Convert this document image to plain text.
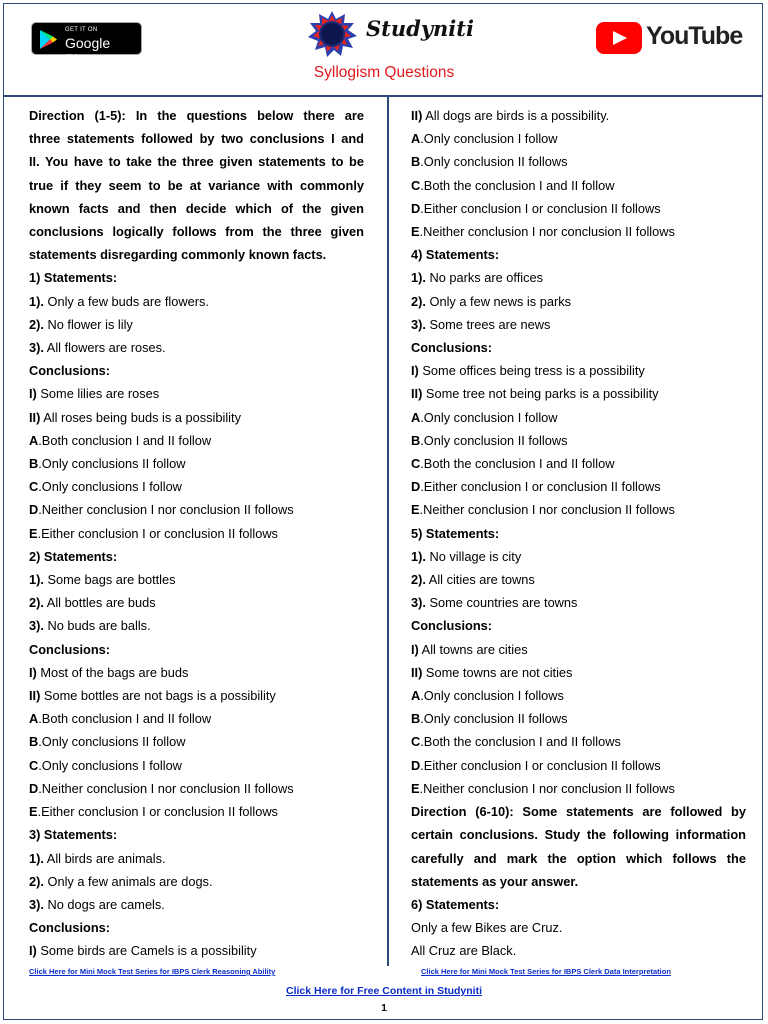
GET IT ON
Google Play
Studyniti	YouTube
Syllogism Questions
Direction (1-5): In the questions below there are
three statements followed by two conclusions I and
II. You have to take the three given statements to be
true if they seem to be at variance with commonly
known facts and then decide which of the given
conclusions logically follows from the three given
statements disregarding commonly known facts.
1) Statements:
1). Only a few buds are flowers.
2). No flower is lily
3). All flowers are roses.
Conclusions:
I) Some lilies are roses
II) All roses being buds is a possibility
A.Both conclusion I and II follow
B.Only conclusions II follow
C.Only conclusions I follow
D.Neither conclusion I nor conclusion II follows
E.Either conclusion I or conclusion II follows
2) Statements:
1). Some bags are bottles
2). All bottles are buds
3). No buds are balls.
Conclusions:
I) Most of the bags are buds
II) Some bottles are not bags is a possibility
A.Both conclusion I and II follow
B.Only conclusions II follow
C.Only conclusions I follow
D.Neither conclusion I nor conclusion II follows
E.Either conclusion I or conclusion II follows
3) Statements:
1). All birds are animals.
2). Only a few animals are dogs.
3). No dogs are camels.
Conclusions:
I) Some birds are Camels is a possibility
II) All dogs are birds is a possibility.
A.Only conclusion I follow
B.Only conclusion II follows
C.Both the conclusion I and II follow
D.Either conclusion I or conclusion II follows
E.Neither conclusion I nor conclusion II follows
4) Statements:
1). No parks are offices
2). Only a few news is parks
3). Some trees are news
Conclusions:
I) Some offices being tress is a possibility
II) Some tree not being parks is a possibility
A.Only conclusion I follow
B.Only conclusion II follows
C.Both the conclusion I and II follow
D.Either conclusion I or conclusion II follows
E.Neither conclusion I nor conclusion II follows
5) Statements:
1). No village is city
2). All cities are towns
3). Some countries are towns
Conclusions:
I) All towns are cities
II) Some towns are not cities
A.Only conclusion I follows
B.Only conclusion II follows
C.Both the conclusion I and II follows
D.Either conclusion I or conclusion II follows
E.Neither conclusion I nor conclusion II follows
Direction (6-10): Some statements are followed by
certain conclusions. Study the following information
carefully and mark the option which follows the
statements as your answer.
6) Statements:
Only a few Bikes are Cruz.
All Cruz are Black.
Click Here for Mini Mock Test Series for IBPS Clerk Reasoning Ability	Click Here for Mini Mock Test Series for IBPS Clerk Data Interpretation
Click Here for Free Content in Studyniti
1
